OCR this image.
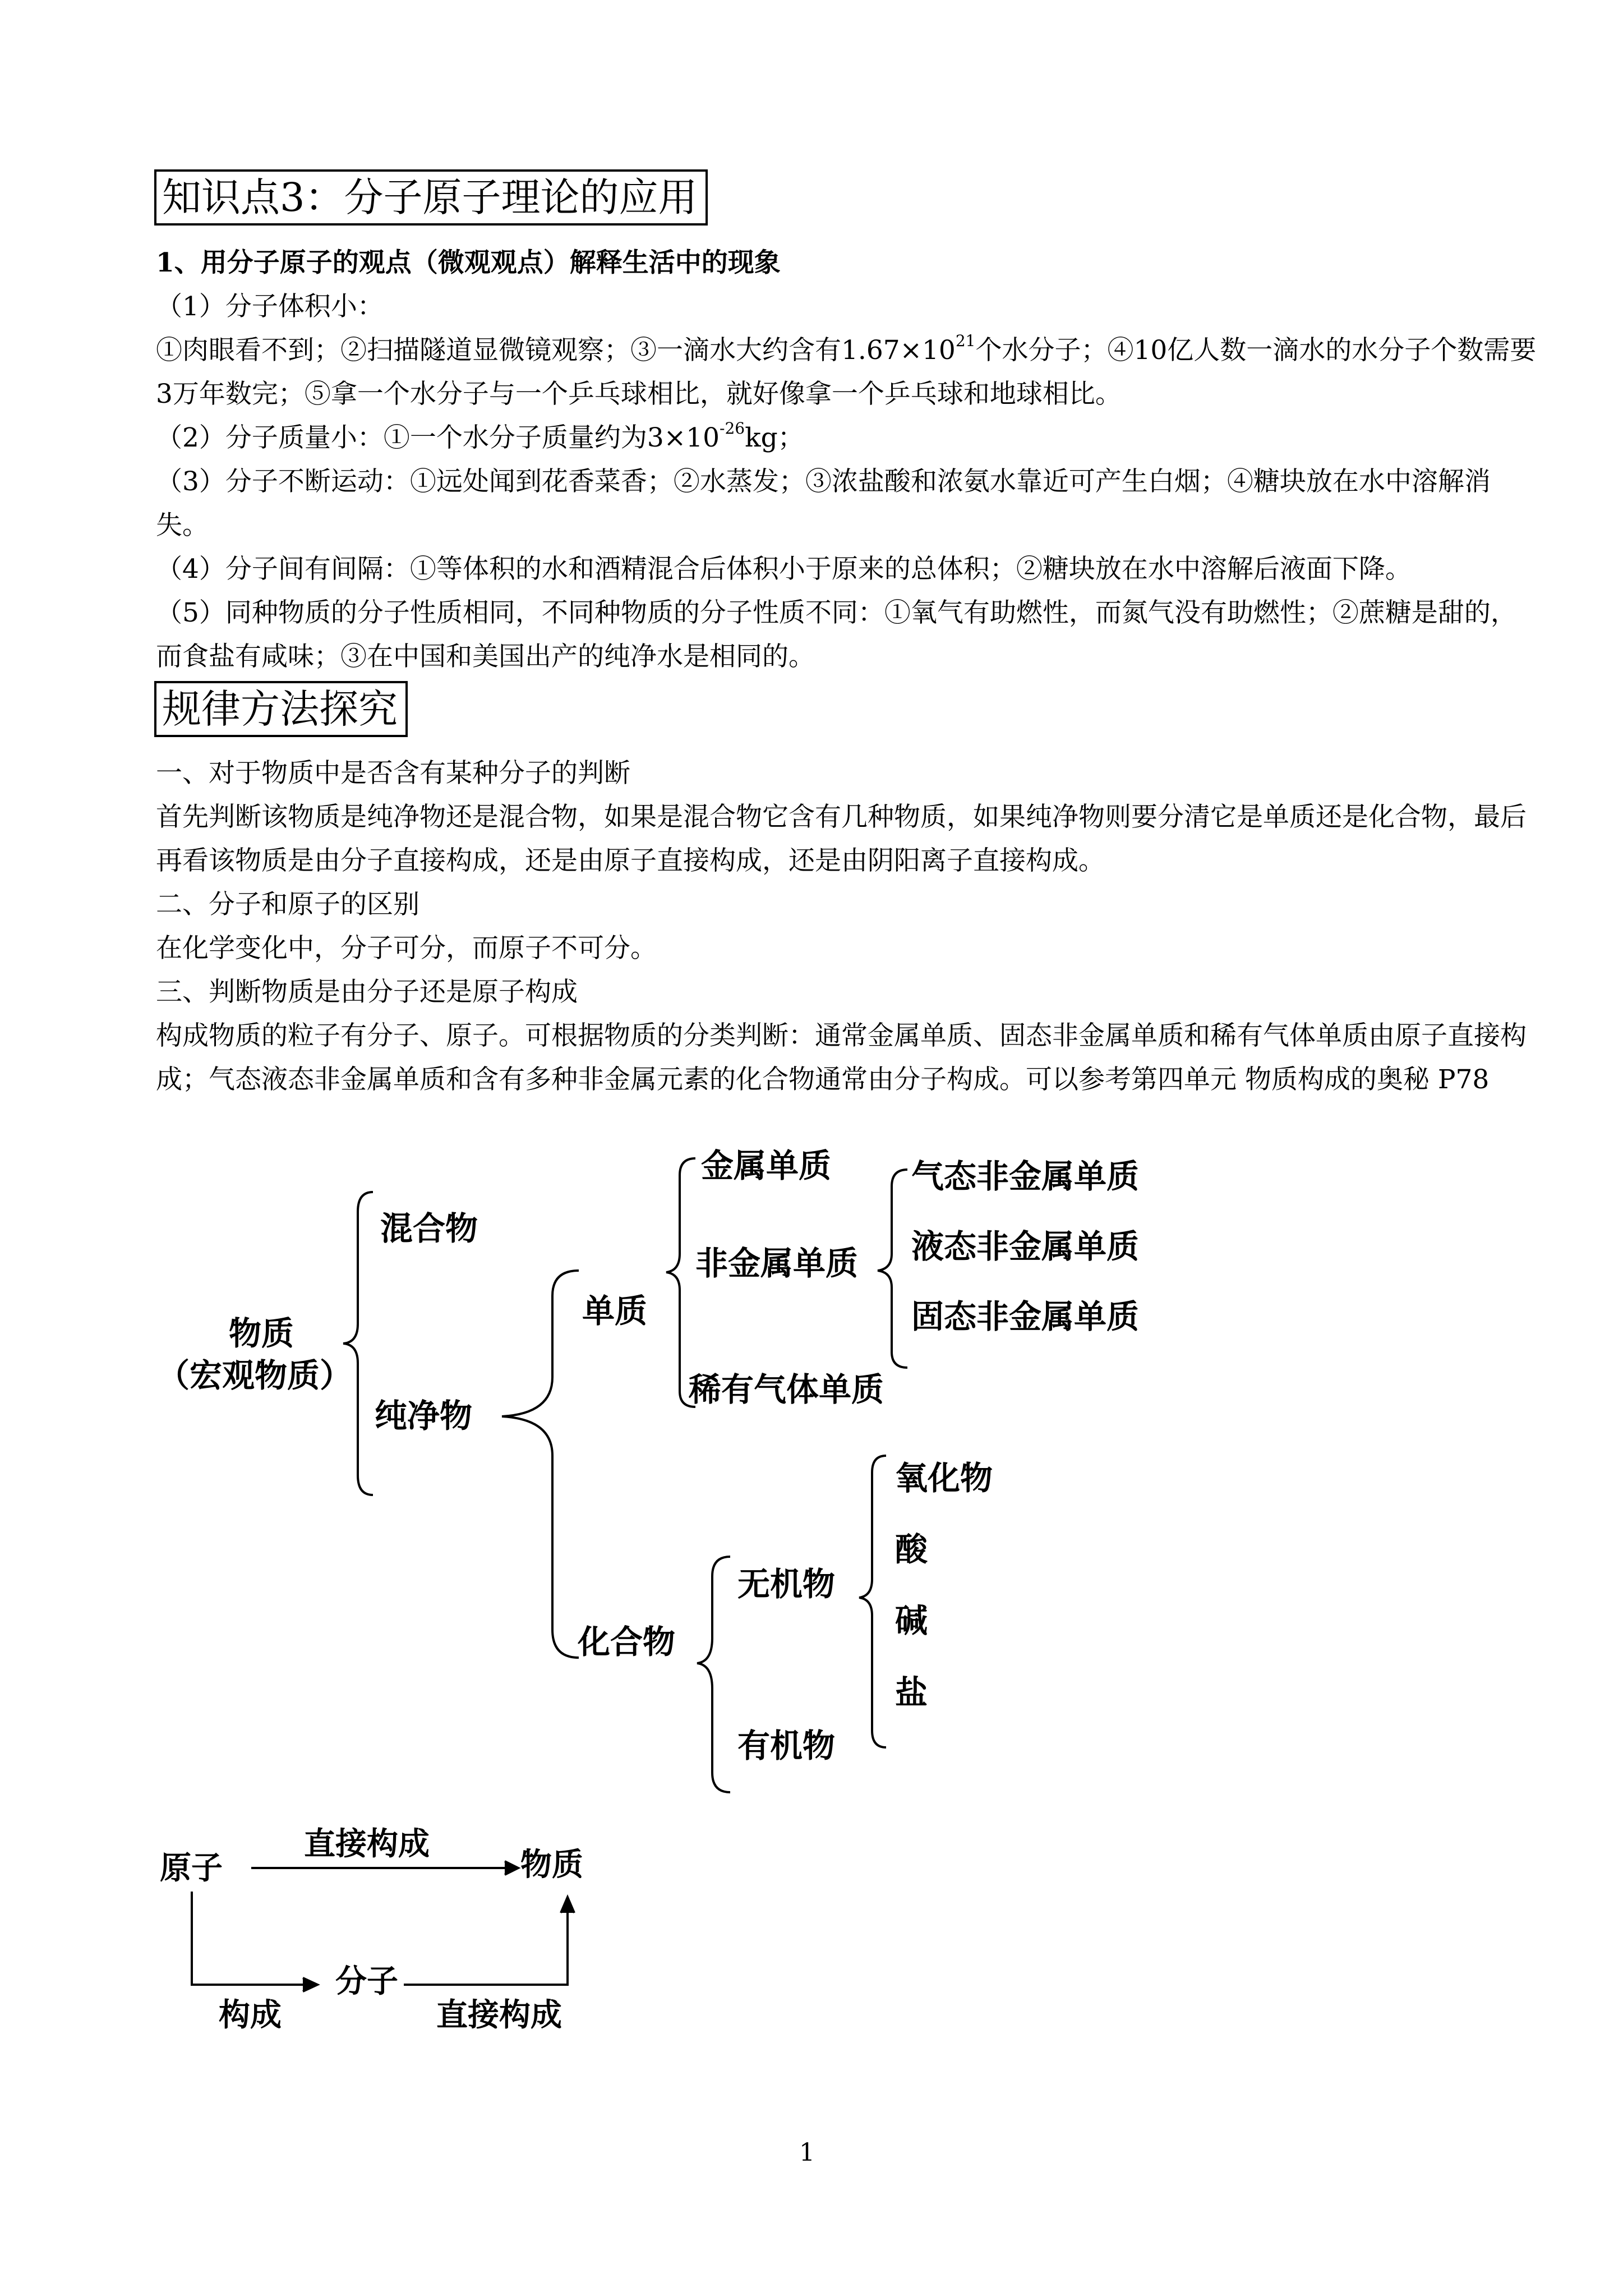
知识点3：分子原子理论的应用

1、用分子原子的观点（微观观点）解释生活中的现象

（1）分子体积小：

①肉眼看不到；②扫描隧道显微镜观察；③一滴水大约含有$1.67\times 10^{21}$个水分子；④10亿人数一滴水的水分子个数需要3万年数完；⑤拿一个水分子与一个乒乓球相比，就好像拿一个乒乓球和地球相比。

（2）分子质量小：①一个水分子质量约为$3\times 10^{-26}kg$；

（3）分子不断运动：①远处闻到花香菜香；②水蒸发；③浓盐酸和浓氨水靠近可产生白烟；④糖块放在水中溶解消失。

（4）分子间有间隔：①等体积的水和酒精混合后体积小于原来的总体积；②糖块放在水中溶解后液面下降。

（5）同种物质的分子性质相同，不同种物质的分子性质不同：①氧气有助燃性，而氮气没有助燃性；②蔗糖是甜的，而食盐有咸味；③在中国和美国出产的纯净水是相同的。

规律方法探究

一、对于物质中是否含有某种分子的判断

首先判断该物质是纯净物还是混合物，如果是混合物它含有几种物质，如果纯净物则要分清它是单质还是化合物，最后再看该物质是由分子直接构成，还是由原子直接构成，还是由阴阳离子直接构成。

二、分子和原子的区别

在化学变化中，分子可分，而原子不可分。

三、判断物质是由分子还是原子构成

构成物质的粒子有分子、原子。可根据物质的分类判断：通常金属单质、固态非金属单质和稀有气体单质由原子直接构成；气态液态非金属单质和含有多种非金属元素的化合物通常由分子构成。可以参考第四单元 物质构成的奥秘 P78

物质
（宏观物质）
混合物
纯净物
单质
化合物
金属单质
非金属单质
稀有气体单质
气态非金属单质
液态非金属单质
固态非金属单质
无机物
有机物
氧化物
酸
碱
盐
原子	物质
分子
直接构成
构成	直接构成
1
